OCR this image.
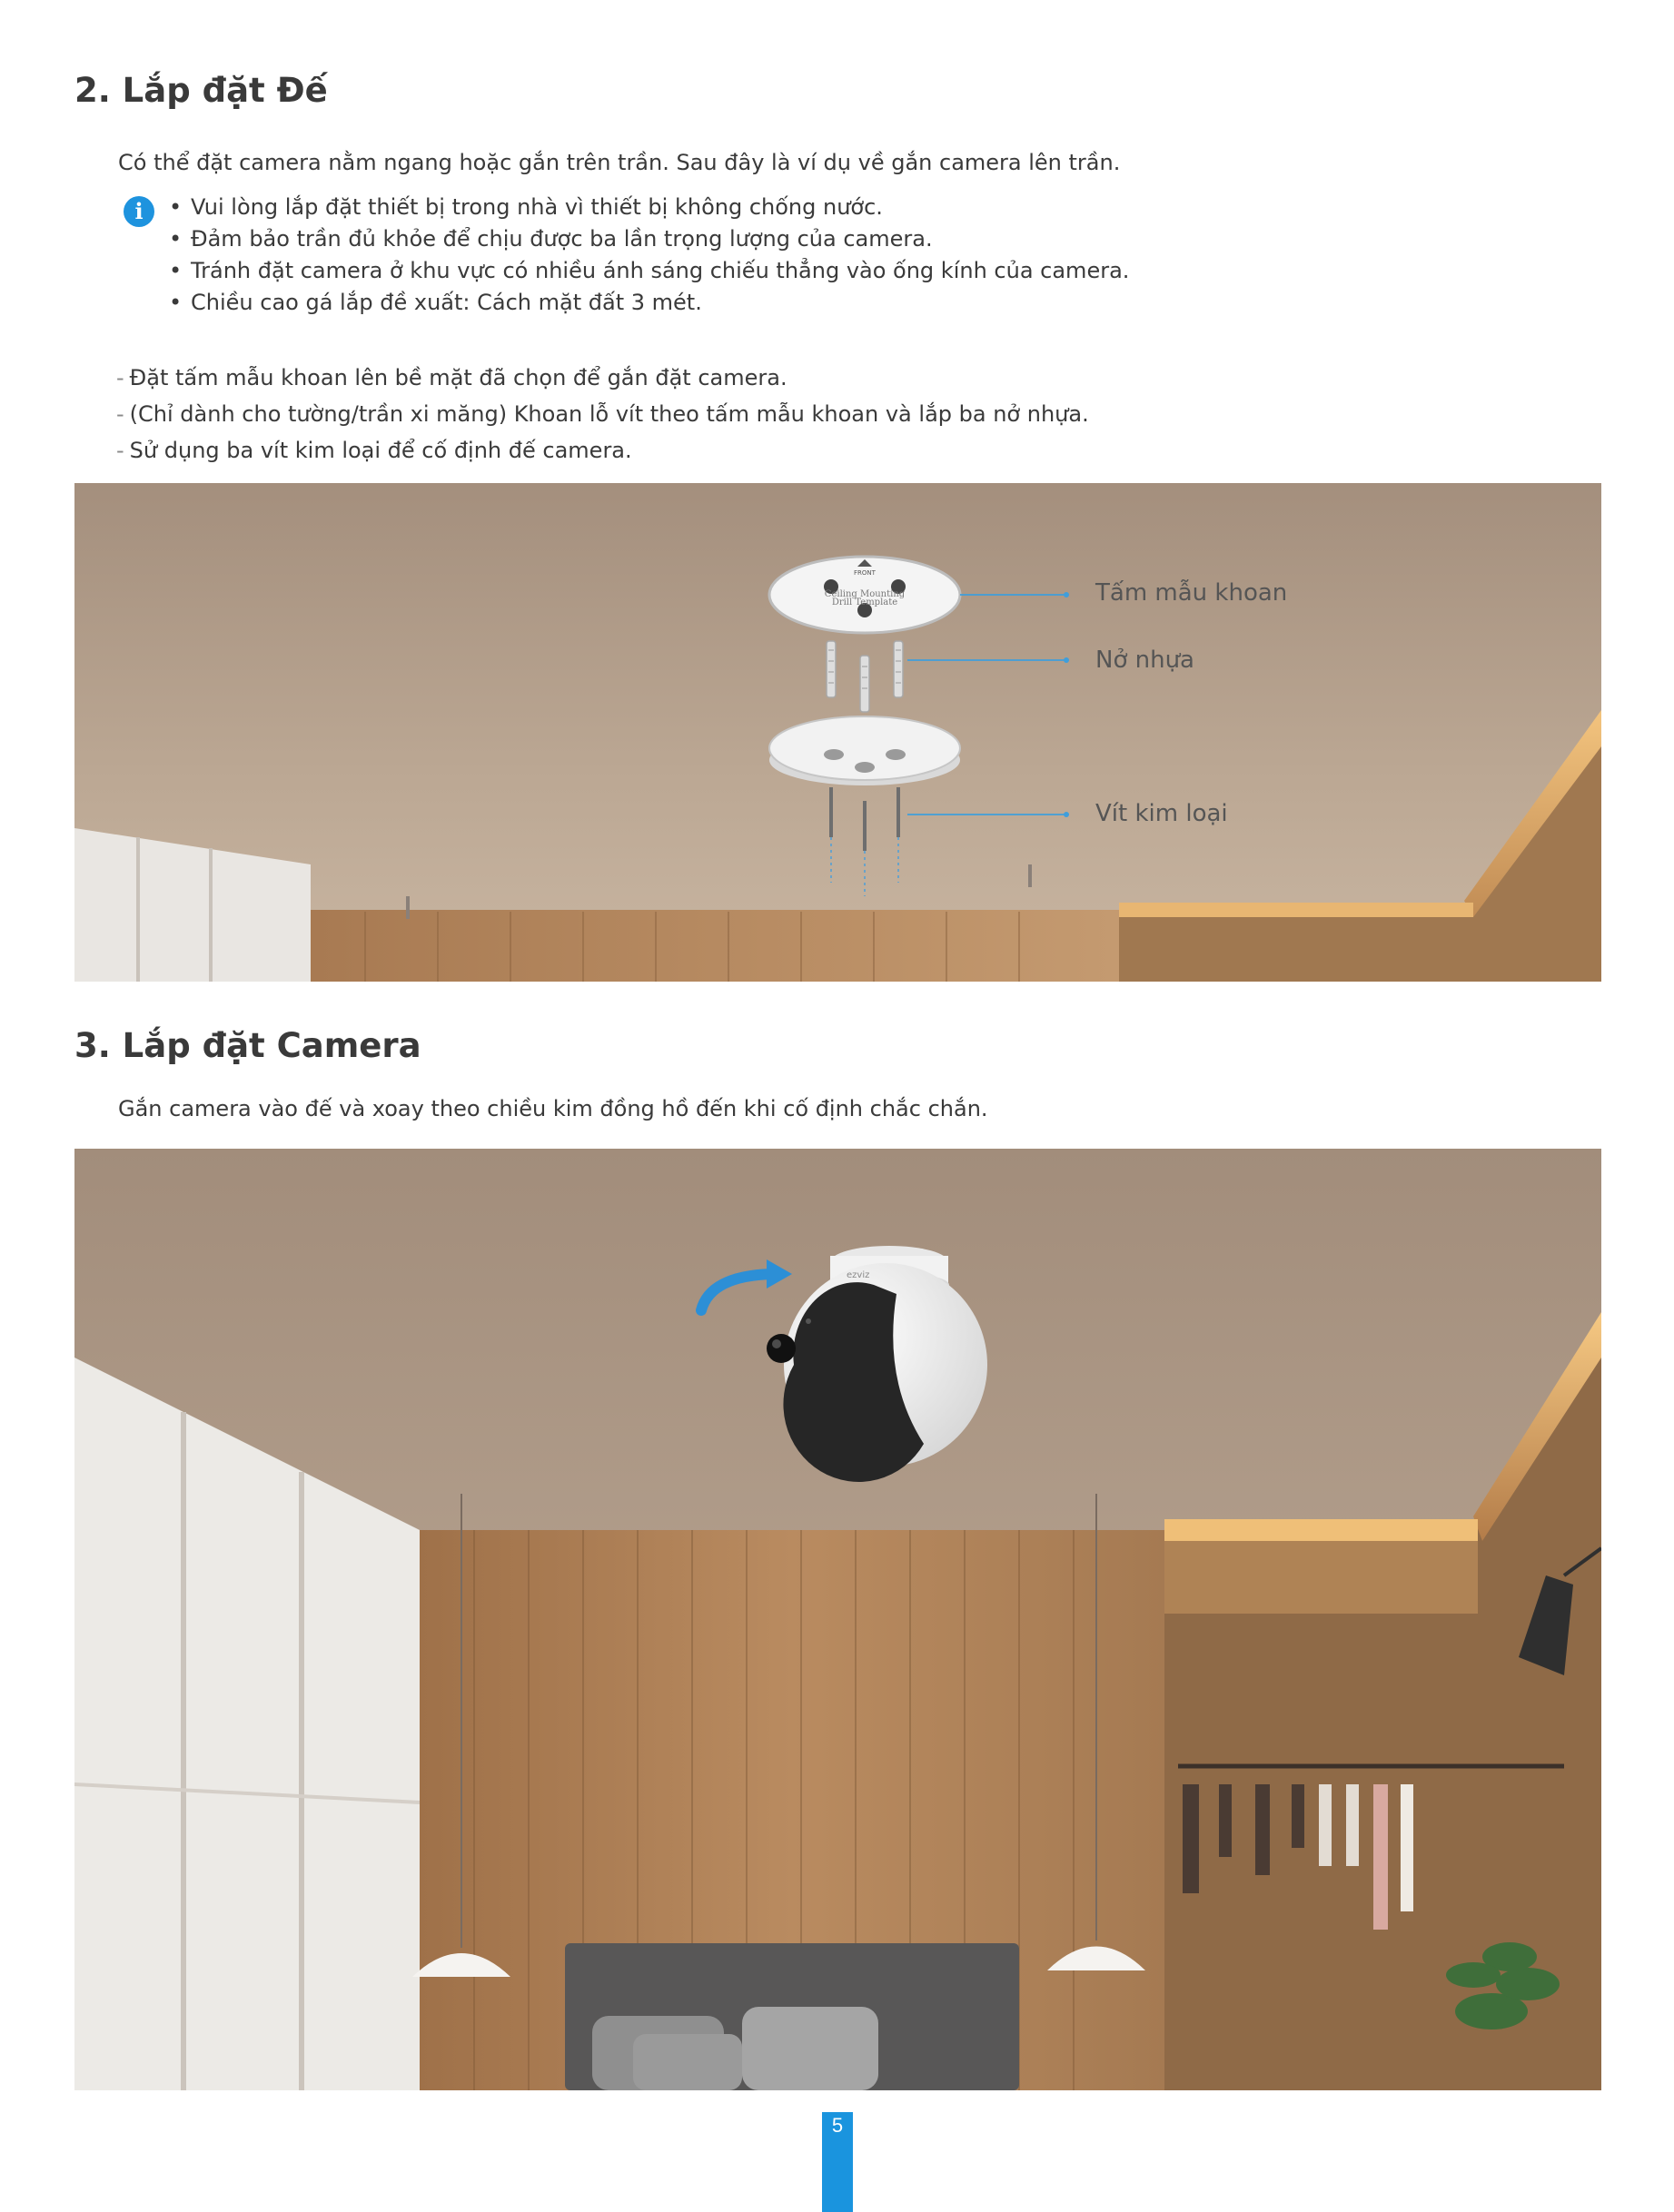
2. Lắp đặt Đế

Có thể đặt camera nằm ngang hoặc gắn trên trần. Sau đây là ví dụ về gắn camera lên trần.

i
•	Vui lòng lắp đặt thiết bị trong nhà vì thiết bị không chống nước.
• Đảm bảo trần đủ khỏe để chịu được ba lần trọng lượng của camera.
• Tránh đặt camera ở khu vực có nhiều ánh sáng chiếu thẳng vào ống kính của camera.
• Chiều cao gá lắp đề xuất: Cách mặt đất 3 mét.
- Đặt tấm mẫu khoan lên bề mặt đã chọn để gắn đặt camera.
- (Chỉ dành cho tường/trần xi măng) Khoan lỗ vít theo tấm mẫu khoan và lắp ba nở nhựa.
- Sử dụng ba vít kim loại để cố định đế camera.
FRONT
Ceiling Mounting
Drill Template	Tấm mẫu khoan
Nở nhựa
Vít kim loại
3. Lắp đặt Camera

Gắn camera vào đế và xoay theo chiều kim đồng hồ đến khi cố định chắc chắn.

ezviz
5
